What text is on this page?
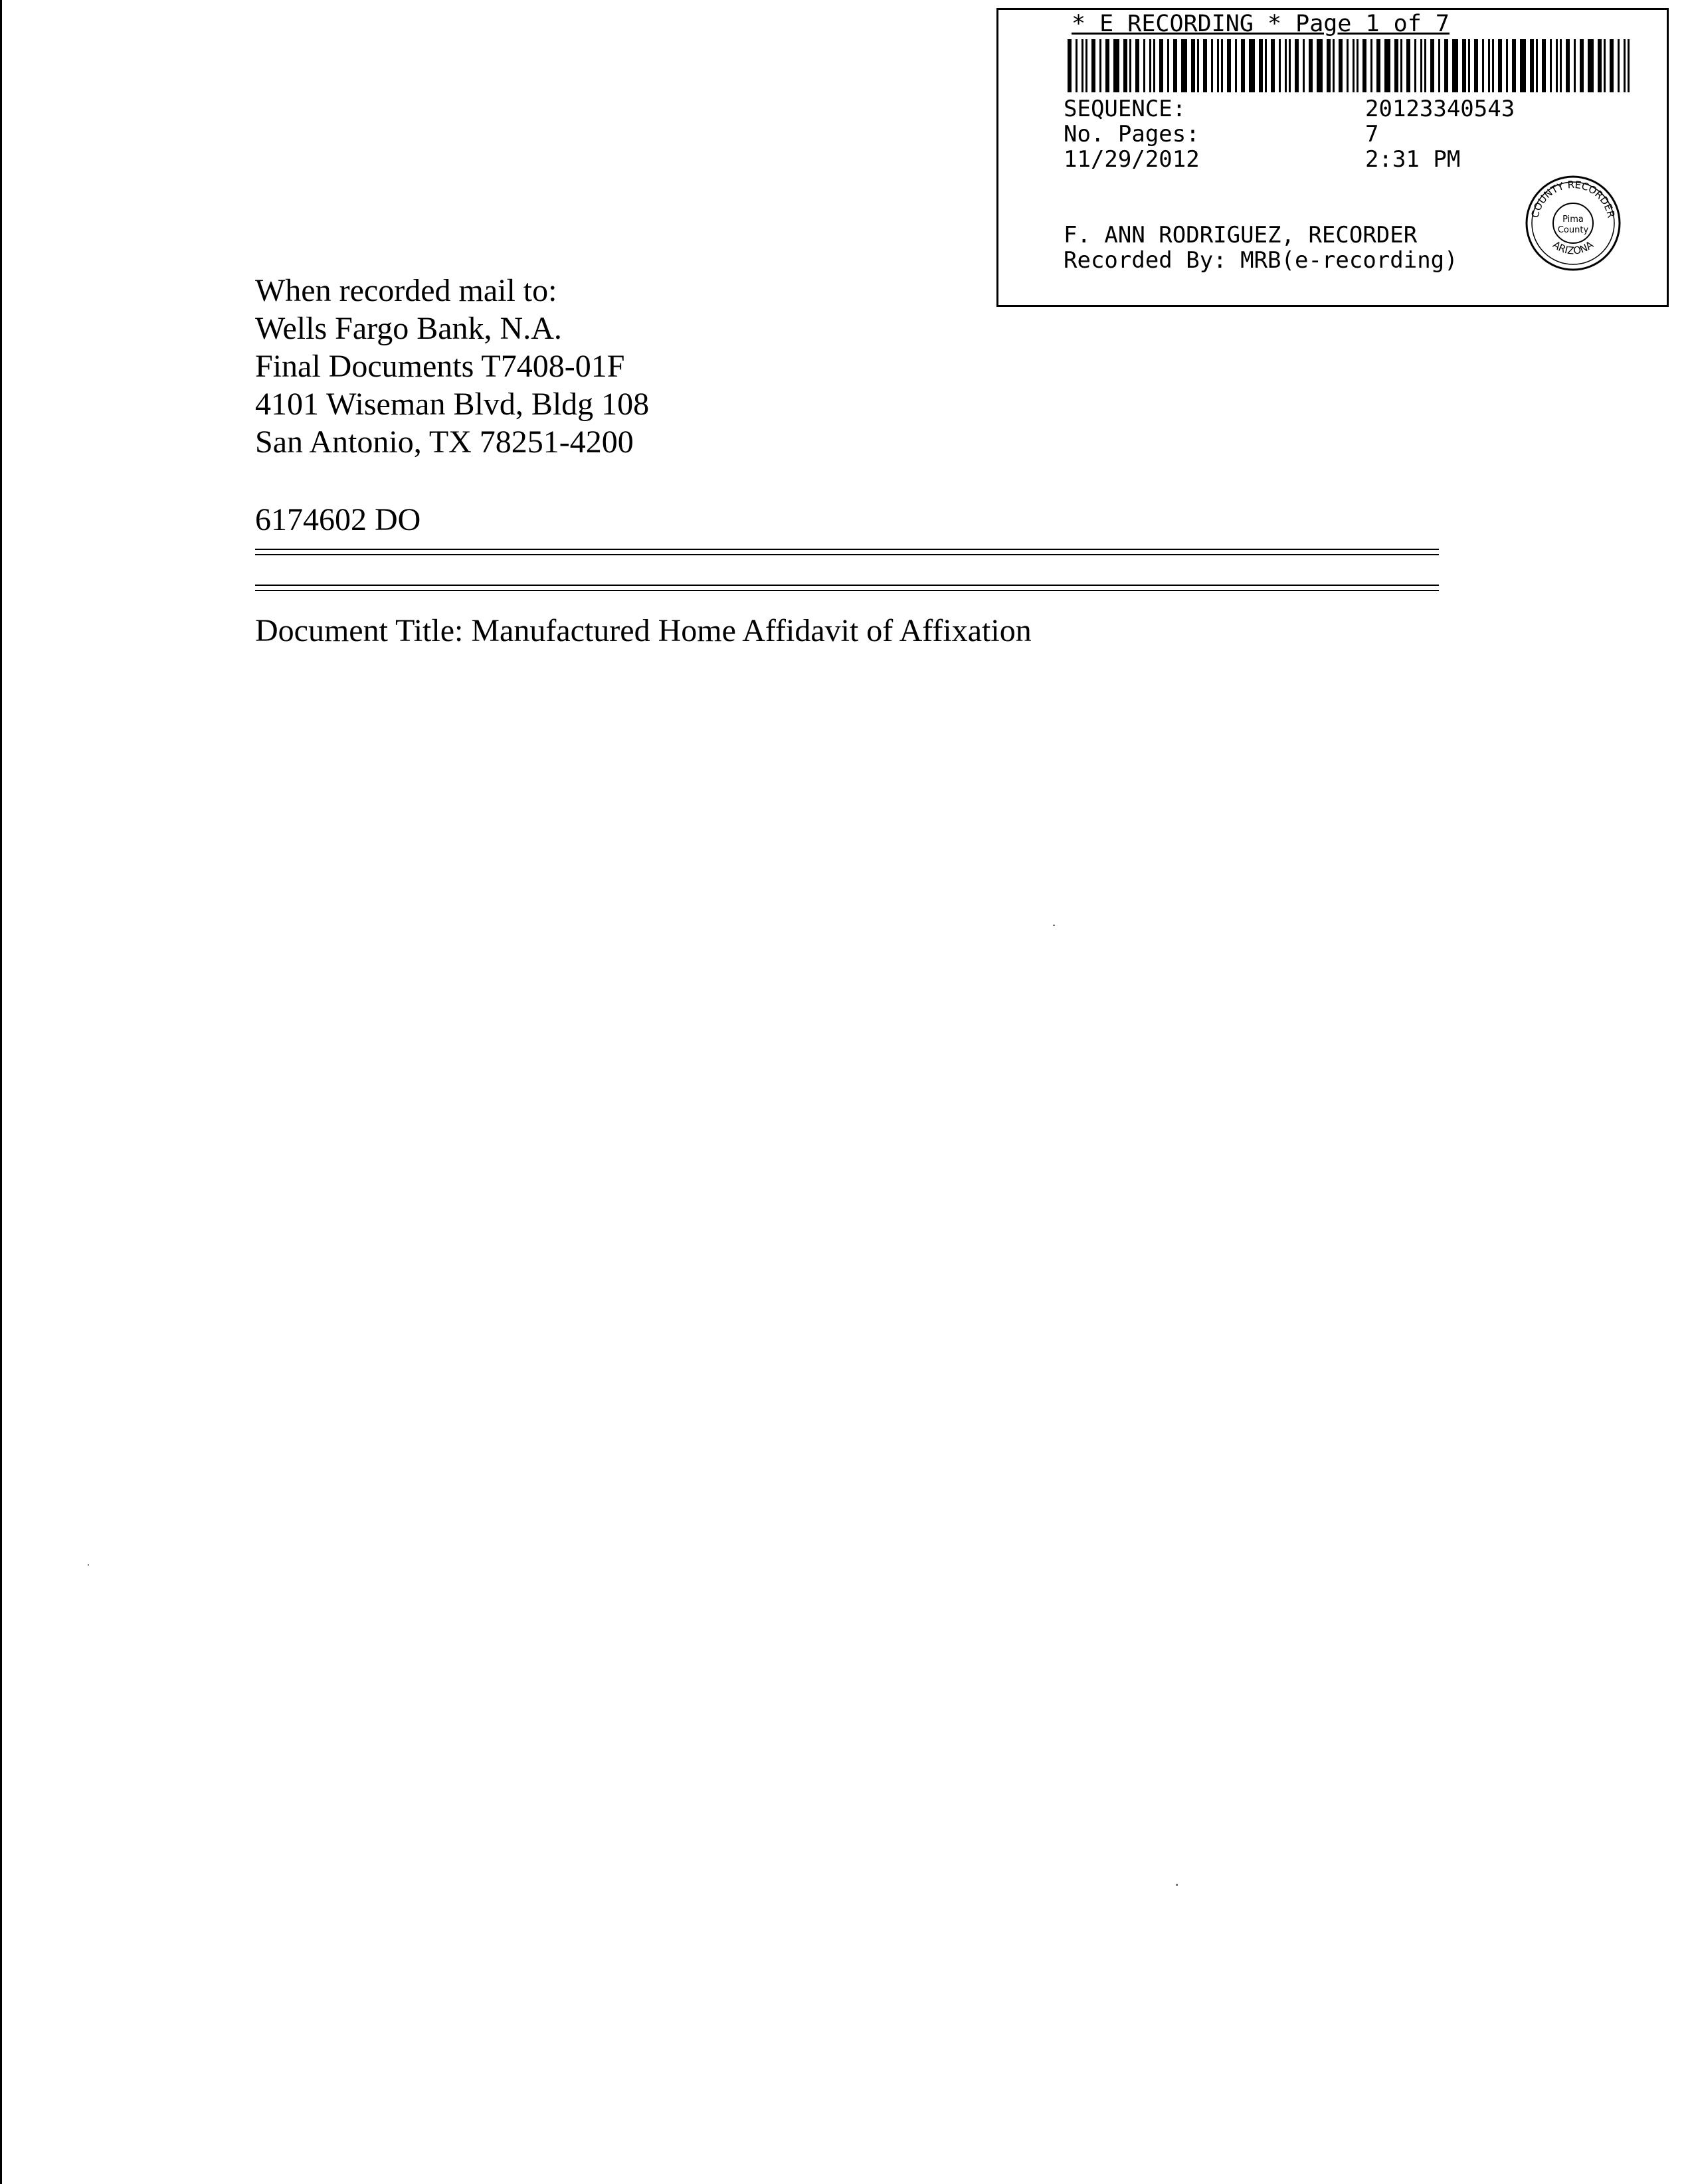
* E RECORDING * Page 1 of 7
SEQUENCE:	20123340543
No. Pages:	7
11/29/2012	2:31 PM
F. ANN RODRIGUEZ, RECORDER
Recorded By: MRB(e-recording)
COUNTY RECORDER
ARIZONA
Pima
County
When recorded mail to:
Wells Fargo Bank, N.A.
Final Documents T7408-01F
4101 Wiseman Blvd, Bldg 108
San Antonio, TX 78251-4200
6174602 DO
Document Title: Manufactured Home Affidavit of Affixation
